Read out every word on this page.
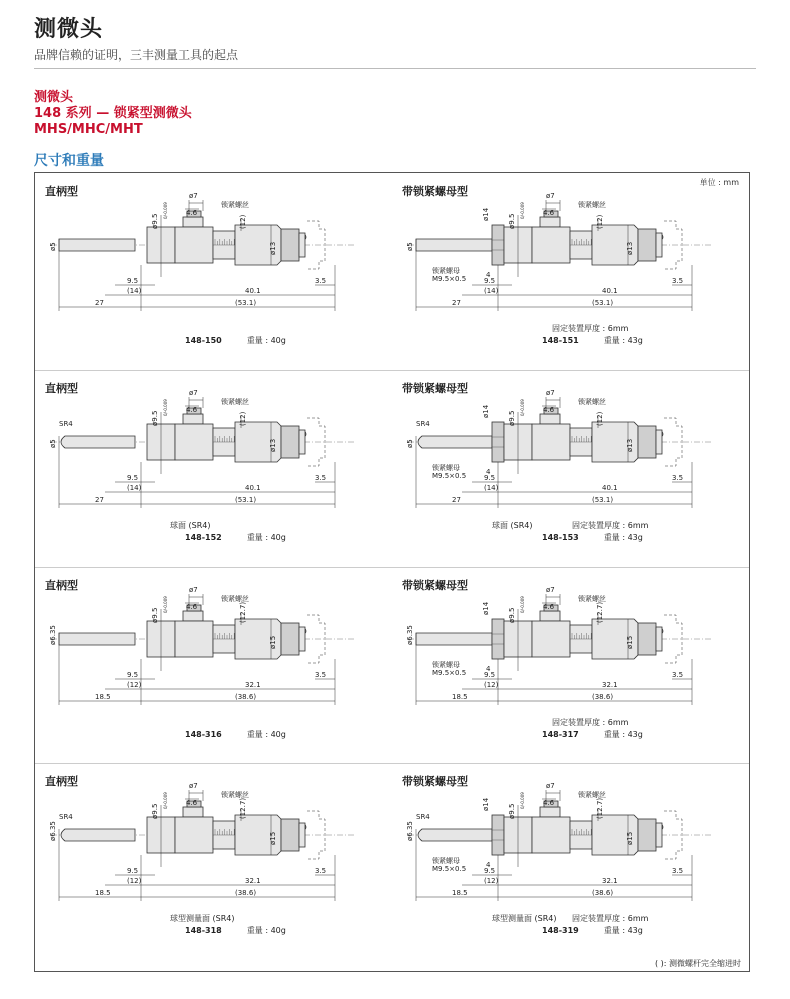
测微头
品牌信赖的证明，三丰测量工具的起点
测微头
148 系列 — 锁紧型测微头
MHS/MHC/MHT
尺寸和重量
单位 : mm
直柄型	ø7
4.6
ø9.5
0/-0.009
(12)
ø13
ø5
9.5
(14)
3.5
40.1
27	(53.1)
锁紧螺丝
148-150	重量 : 40g
带锁紧螺母型	ø7
4.6
ø9.5
0/-0.009
(12)
ø13
ø5
9.5
(14)
3.5
40.1
27	(53.1)
ø14
4
锁紧螺丝
锁紧螺母
M9.5×0.5
固定装置厚度 : 6mm
148-151	重量 : 43g
直柄型	ø7
4.6
ø9.5
0/-0.009
(12)
ø13
ø5
9.5
(14)
3.5
40.1
27	(53.1)
SR4
锁紧螺丝
球面 (SR4)
148-152	重量 : 40g
带锁紧螺母型	ø7
4.6
ø9.5
0/-0.009
(12)
ø13
ø5
9.5
(14)
3.5
40.1
27	(53.1)
ø14
4
SR4
锁紧螺丝
锁紧螺母
M9.5×0.5
球面 (SR4)	固定装置厚度 : 6mm
148-153	重量 : 43g
直柄型	ø7
4.6
ø9.5
0/-0.009	(12.7)
ø15
ø6.35
9.5
(12)
3.5
32.1
18.5	(38.6)
锁紧螺丝
148-316	重量 : 40g
带锁紧螺母型	ø7
4.6
ø9.5
0/-0.009	(12.7)
ø15
ø6.35
9.5
(12)
3.5
32.1
18.5	(38.6)
ø14
4
锁紧螺丝
锁紧螺母
M9.5×0.5
固定装置厚度 : 6mm
148-317	重量 : 43g
直柄型	ø7
4.6
ø9.5
0/-0.009	(12.7)
ø15
ø6.35
9.5
(12)
3.5
32.1
18.5	(38.6)
SR4
锁紧螺丝
球型测量面 (SR4)
148-318	重量 : 40g
带锁紧螺母型	ø7
4.6
ø9.5
0/-0.009	(12.7)
ø15
ø6.35
9.5
(12)
3.5
32.1
18.5	(38.6)
ø14
4
SR4
锁紧螺丝
锁紧螺母
M9.5×0.5
球型测量面 (SR4) 固定装置厚度 : 6mm
148-319	重量 : 43g
( ): 测微螺杆完全缩进时
